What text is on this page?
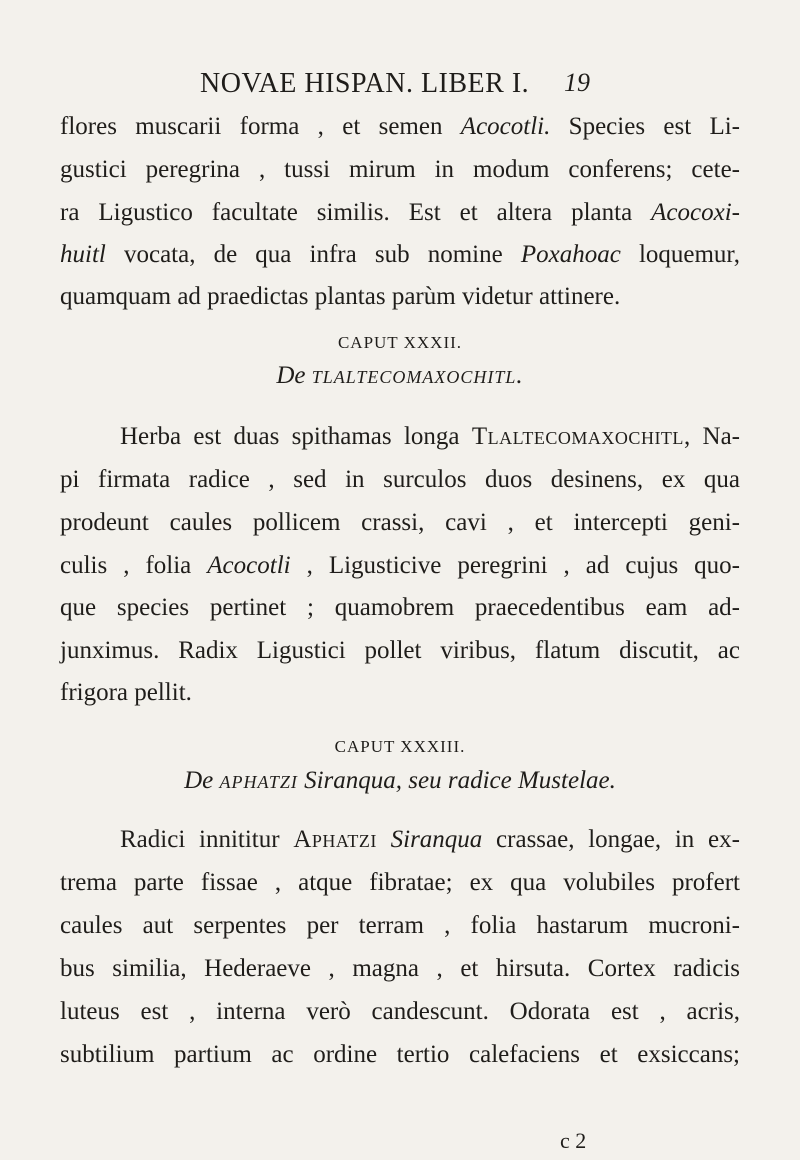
NOVAE HISPAN. LIBER I. 19
flores muscarii forma , et semen Acocotli. Species est Li-
gustici peregrina , tussi mirum in modum conferens; cete-
ra Ligustico facultate similis. Est et altera planta Acocoxi-
huitl vocata, de qua infra sub nomine Poxahoac loquemur,
quamquam ad praedictas plantas parùm videtur attinere.
CAPUT XXXII.
De tlaltecomaxochitl.
Herba est duas spithamas longa Tlaltecomaxochitl, Na-
pi firmata radice , sed in surculos duos desinens, ex qua
prodeunt caules pollicem crassi, cavi , et intercepti geni-
culis , folia Acocotli , Ligusticive peregrini , ad cujus quo-
que species pertinet ; quamobrem praecedentibus eam ad-
junximus. Radix Ligustici pollet viribus, flatum discutit, ac
frigora pellit.
CAPUT XXXIII.
De aphatzi Siranqua, seu radice Mustelae.
Radici innititur Aphatzi Siranqua crassae, longae, in ex-
trema parte fissae , atque fibratae; ex qua volubiles profert
caules aut serpentes per terram , folia hastarum mucroni-
bus similia, Hederaeve , magna , et hirsuta. Cortex radicis
luteus est , interna verò candescunt. Odorata est , acris,
subtilium partium ac ordine tertio calefaciens et exsiccans;
c 2
